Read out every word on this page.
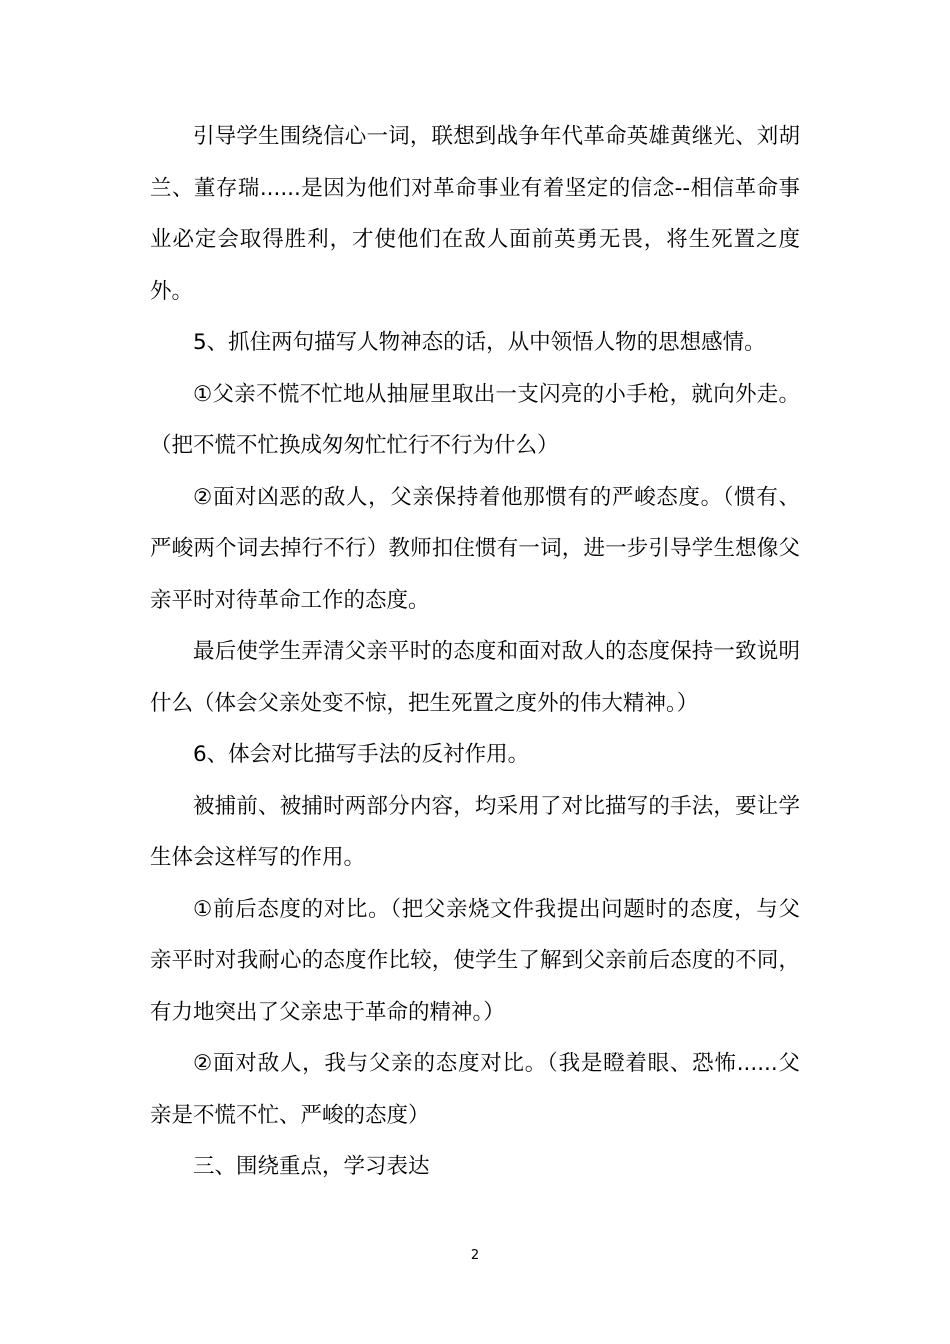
引导学生围绕信心一词，联想到战争年代革命英雄黄继光、刘胡兰、董存瑞......是因为他们对革命事业有着坚定的信念--相信革命事业必定会取得胜利，才使他们在敌人面前英勇无畏，将生死置之度外。

5、抓住两句描写人物神态的话，从中领悟人物的思想感情。

①父亲不慌不忙地从抽屉里取出一支闪亮的小手枪，就向外走。（把不慌不忙换成匆匆忙忙行不行为什么）

②面对凶恶的敌人，父亲保持着他那惯有的严峻态度。（惯有、严峻两个词去掉行不行）教师扣住惯有一词，进一步引导学生想像父亲平时对待革命工作的态度。

最后使学生弄清父亲平时的态度和面对敌人的态度保持一致说明什么（体会父亲处变不惊，把生死置之度外的伟大精神。）

6、体会对比描写手法的反衬作用。

被捕前、被捕时两部分内容，均采用了对比描写的手法，要让学生体会这样写的作用。

①前后态度的对比。（把父亲烧文件我提出问题时的态度，与父亲平时对我耐心的态度作比较，使学生了解到父亲前后态度的不同，有力地突出了父亲忠于革命的精神。）

②面对敌人，我与父亲的态度对比。（我是瞪着眼、恐怖......父亲是不慌不忙、严峻的态度）

三、围绕重点，学习表达

2
